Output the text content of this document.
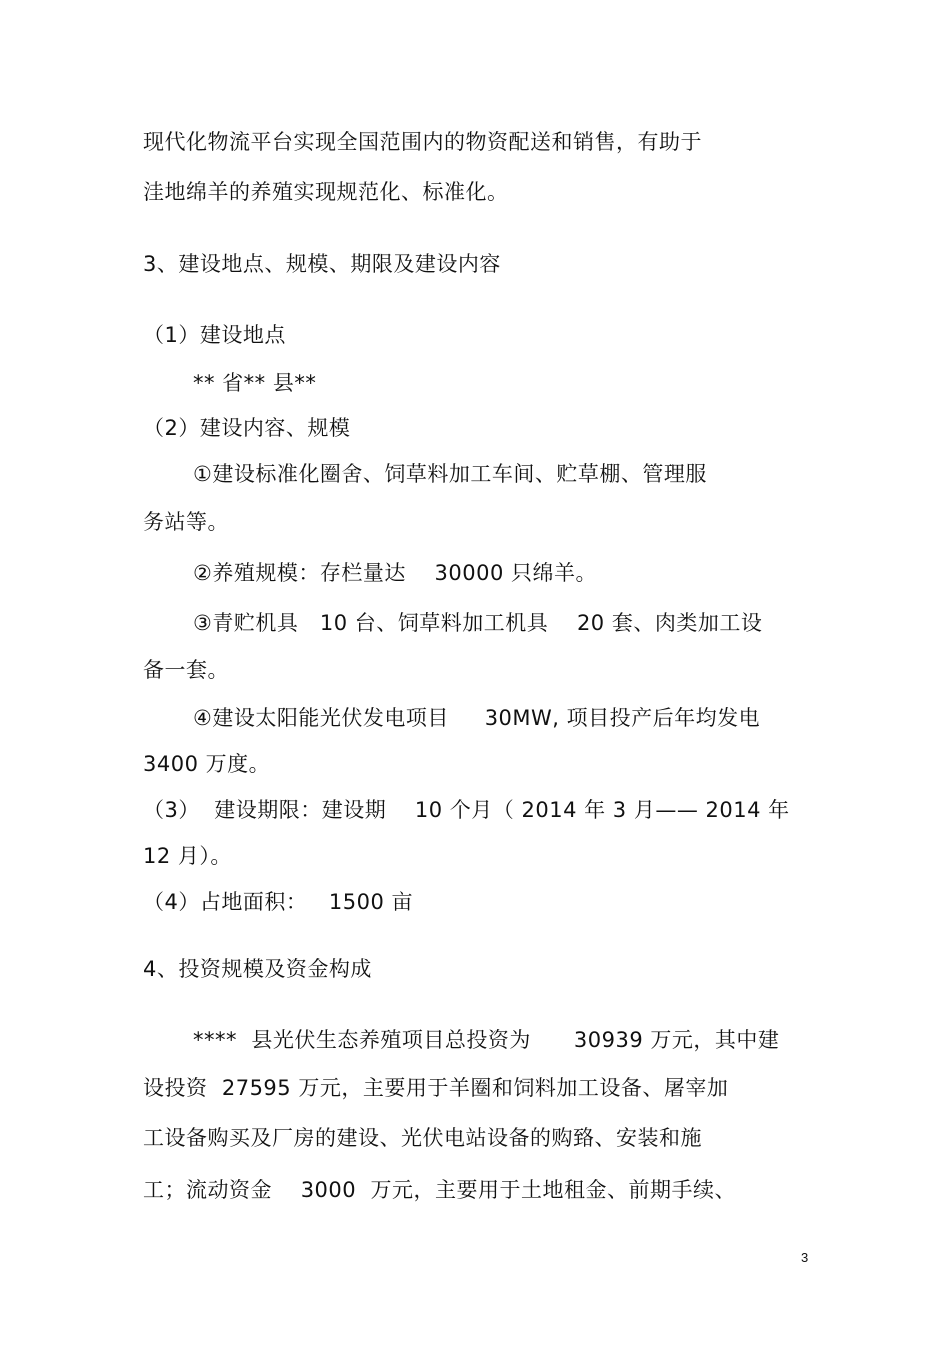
现代化物流平台实现全国范围内的物资配送和销售，有助于
洼地绵羊的养殖实现规范化、标准化。
3、建设地点、规模、期限及建设内容
（1）建设地点
** 省** 县**
（2）建设内容、规模
①建设标准化圈舍、饲草料加工车间、贮草棚、管理服
务站等。
②养殖规模：存栏量达    30000 只绵羊。
③青贮机具   10 台、饲草料加工机具    20 套、肉类加工设
备一套。
④建设太阳能光伏发电项目     30MW, 项目投产后年均发电
3400 万度。
（3）  建设期限：建设期    10 个月（ 2014 年 3 月—— 2014 年
12 月）。
（4）占地面积：   1500 亩
4、投资规模及资金构成
****  县光伏生态养殖项目总投资为      30939 万元，其中建
设投资  27595 万元，主要用于羊圈和饲料加工设备、屠宰加
工设备购买及厂房的建设、光伏电站设备的购臵、安装和施
工；流动资金    3000  万元，主要用于土地租金、前期手续、
3
